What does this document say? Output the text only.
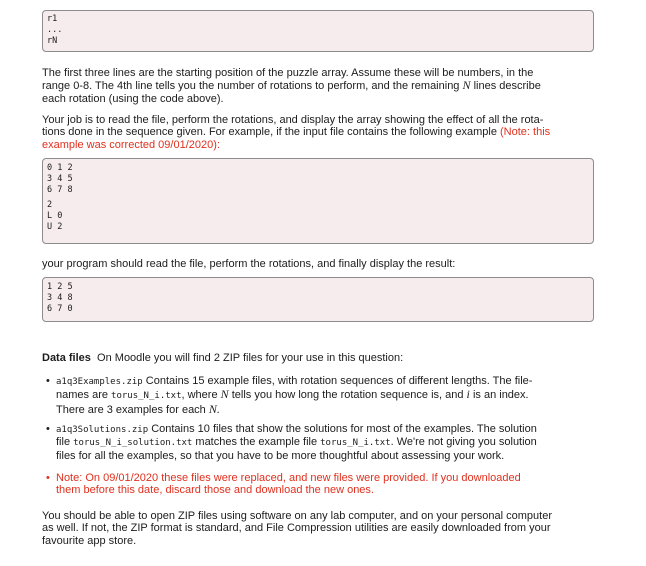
r1
...
rN
The first three lines are the starting position of the puzzle array. Assume these will be numbers, in the
range 0-8. The 4th line tells you the number of rotations to perform, and the remaining N lines describe
each rotation (using the code above).
Your job is to read the file, perform the rotations, and display the array showing the effect of all the rota-
tions done in the sequence given. For example, if the input file contains the following example (Note: this
example was corrected 09/01/2020):
0 1 2
3 4 5
6 7 8
2
L 0
U 2
your program should read the file, perform the rotations, and finally display the result:
1 2 5
3 4 8
6 7 0
Data files On Moodle you will find 2 ZIP files for your use in this question:
• a1q3Examples.zip Contains 15 example files, with rotation sequences of different lengths. The file-
names are torus_N_i.txt, where N tells you how long the rotation sequence is, and i is an index.
There are 3 examples for each N.
• a1q3Solutions.zip Contains 10 files that show the solutions for most of the examples. The solution
file torus_N_i_solution.txt matches the example file torus_N_i.txt. We're not giving you solution
files for all the examples, so that you have to be more thoughtful about assessing your work.
• Note: On 09/01/2020 these files were replaced, and new files were provided. If you downloaded
them before this date, discard those and download the new ones.
You should be able to open ZIP files using software on any lab computer, and on your personal computer
as well. If not, the ZIP format is standard, and File Compression utilities are easily downloaded from your
favourite app store.
